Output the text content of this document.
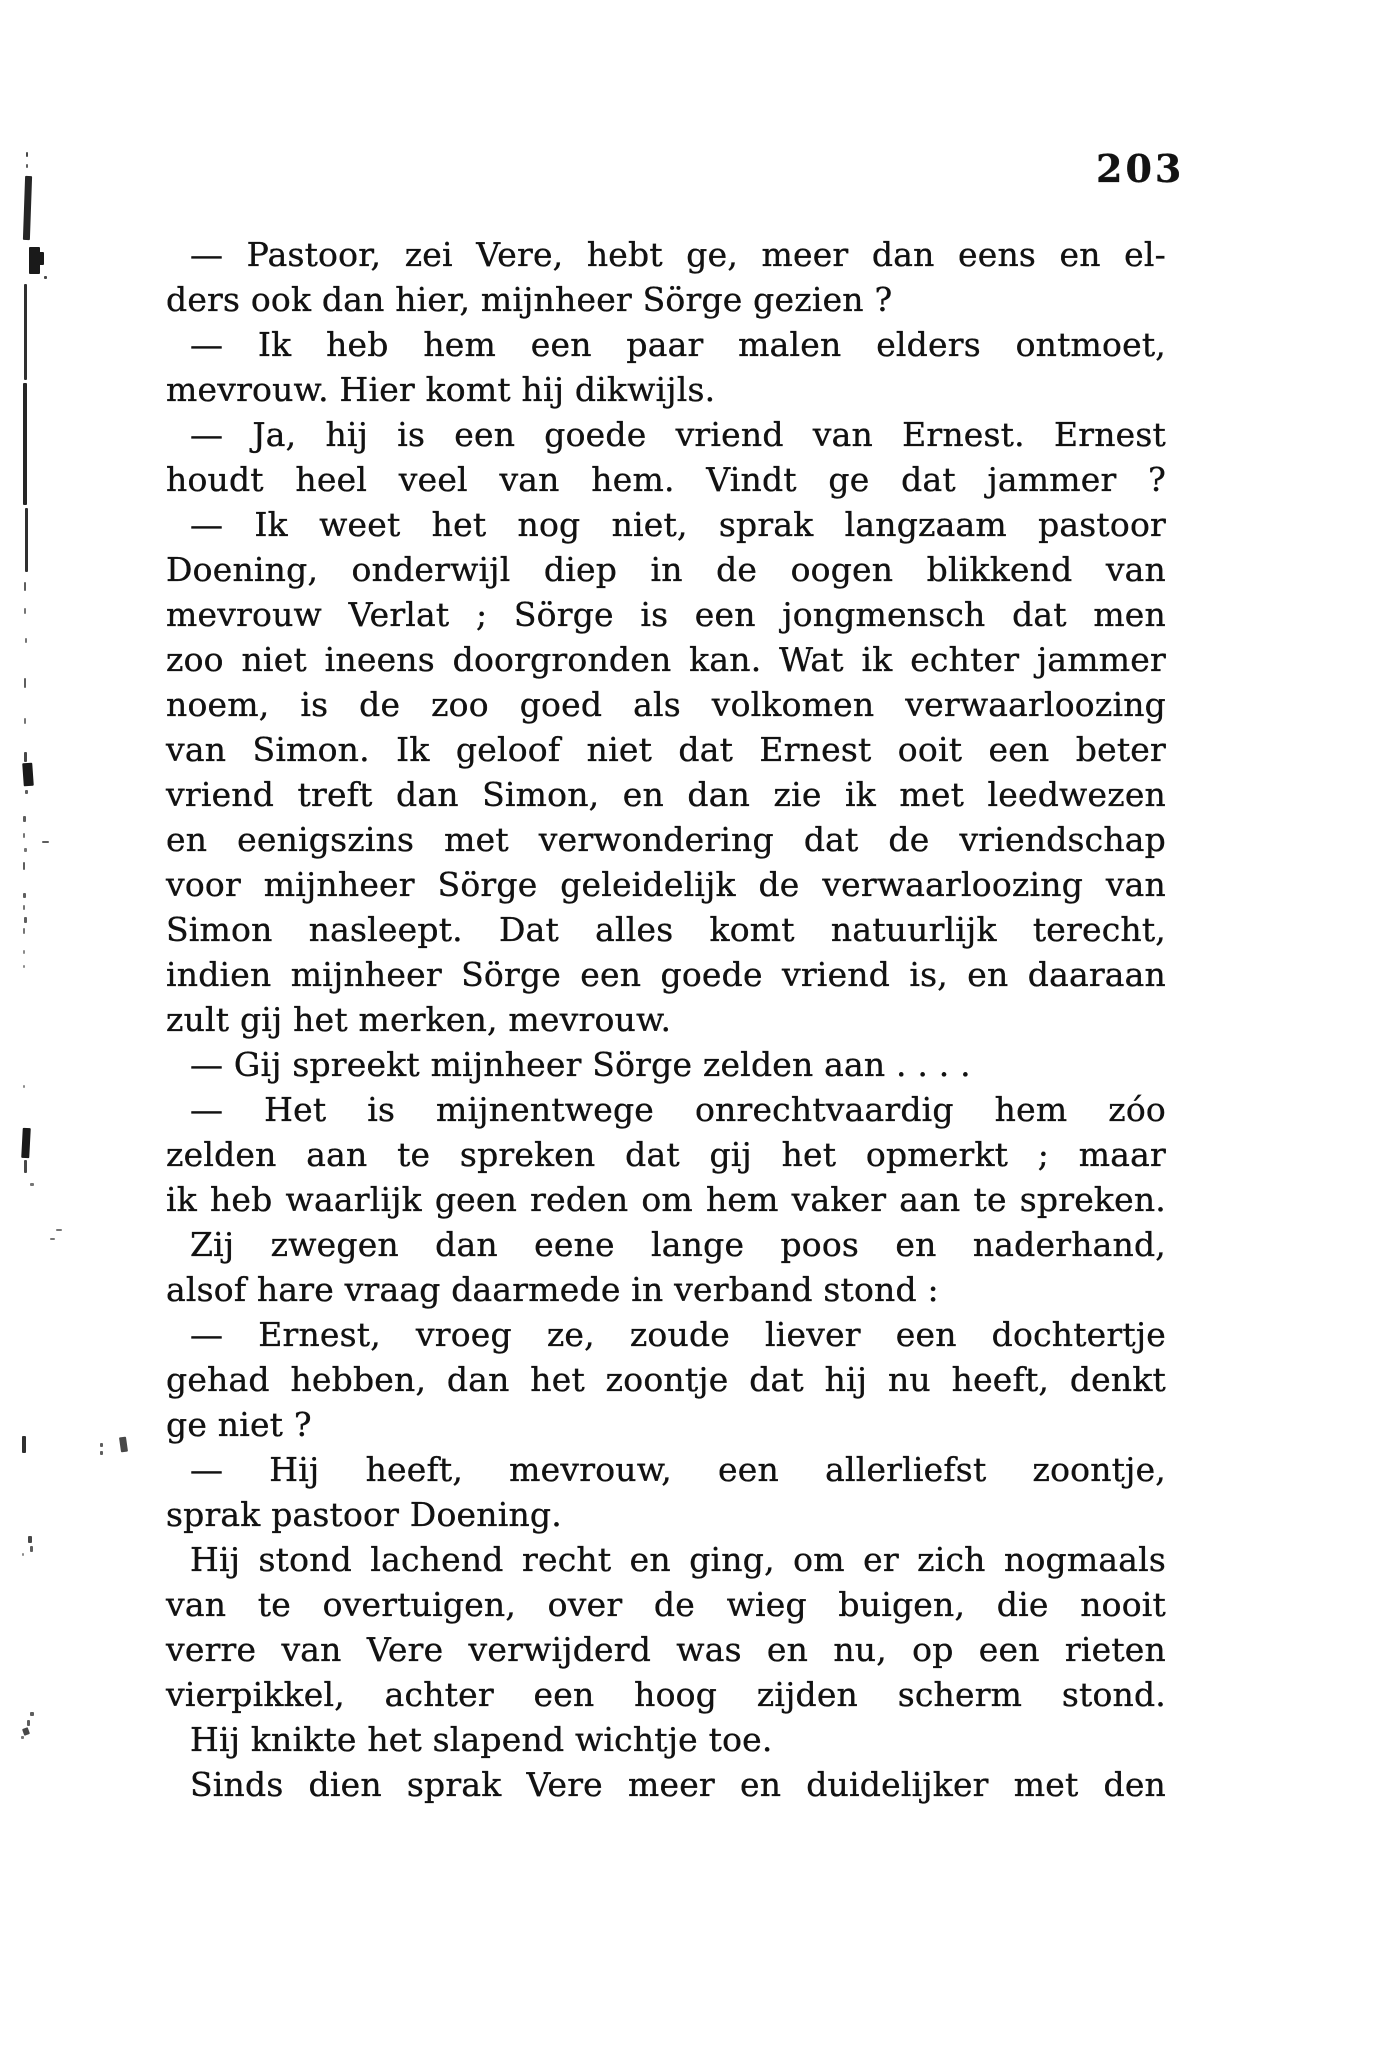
203
— Pastoor, zei Vere, hebt ge, meer dan eens en el-
ders ook dan hier, mijnheer Sörge gezien ?
— Ik heb hem een paar malen elders ontmoet,
mevrouw. Hier komt hij dikwijls.
— Ja, hij is een goede vriend van Ernest. Ernest
houdt heel veel van hem. Vindt ge dat jammer ?
— Ik weet het nog niet, sprak langzaam pastoor
Doening, onderwijl diep in de oogen blikkend van
mevrouw Verlat ; Sörge is een jongmensch dat men
zoo niet ineens doorgronden kan. Wat ik echter jammer
noem, is de zoo goed als volkomen verwaarloozing
van Simon. Ik geloof niet dat Ernest ooit een beter
vriend treft dan Simon, en dan zie ik met leedwezen
en eenigszins met verwondering dat de vriendschap
voor mijnheer Sörge geleidelijk de verwaarloozing van
Simon nasleept. Dat alles komt natuurlijk terecht,
indien mijnheer Sörge een goede vriend is, en daaraan
zult gij het merken, mevrouw.
— Gij spreekt mijnheer Sörge zelden aan . . . .
— Het is mijnentwege onrechtvaardig hem zóo
zelden aan te spreken dat gij het opmerkt ; maar
ik heb waarlijk geen reden om hem vaker aan te spreken.
Zij zwegen dan eene lange poos en naderhand,
alsof hare vraag daarmede in verband stond :
— Ernest, vroeg ze, zoude liever een dochtertje
gehad hebben, dan het zoontje dat hij nu heeft, denkt
ge niet ?
— Hij heeft, mevrouw, een allerliefst zoontje,
sprak pastoor Doening.
Hij stond lachend recht en ging, om er zich nogmaals
van te overtuigen, over de wieg buigen, die nooit
verre van Vere verwijderd was en nu, op een rieten
vierpikkel, achter een hoog zijden scherm stond.
Hij knikte het slapend wichtje toe.
Sinds dien sprak Vere meer en duidelijker met den
